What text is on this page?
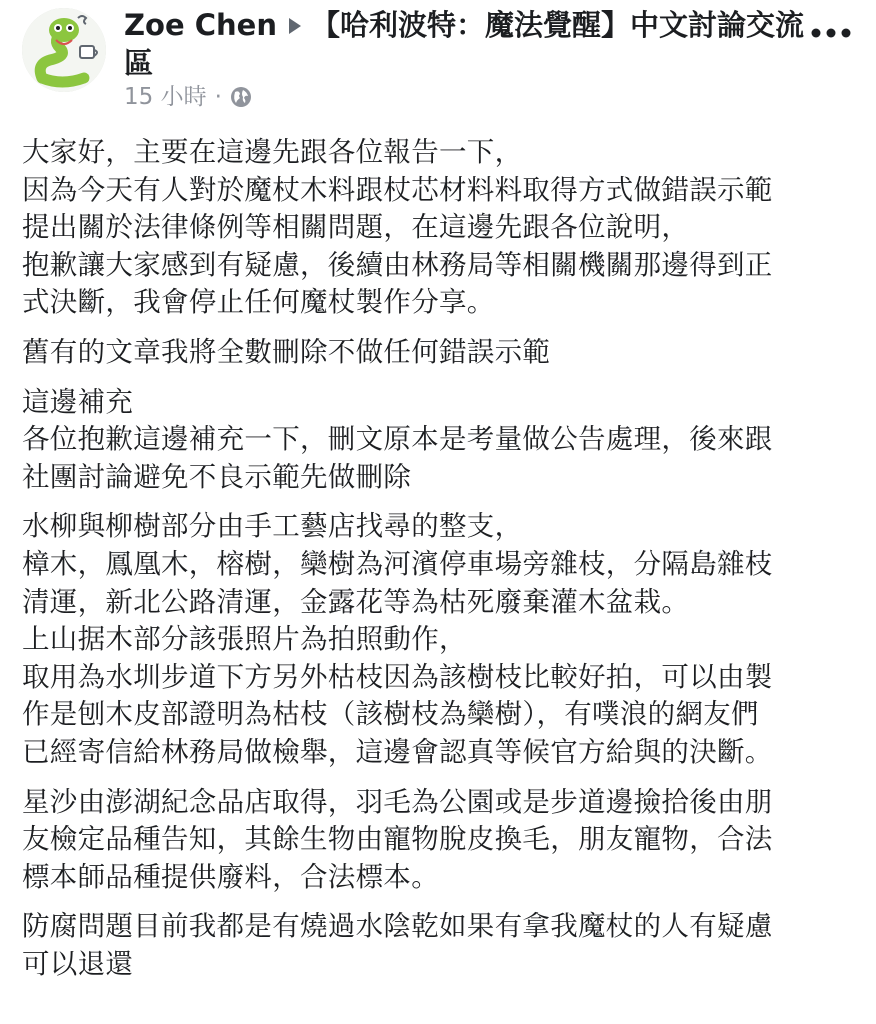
Zoe Chen 【哈利波特：魔法覺醒】中文討論交流區
15 小時 ·
大家好，主要在這邊先跟各位報告一下，
因為今天有人對於魔杖木料跟杖芯材料料取得方式做錯誤示範
提出關於法律條例等相關問題，在這邊先跟各位說明，
抱歉讓大家感到有疑慮，後續由林務局等相關機關那邊得到正
式決斷，我會停止任何魔杖製作分享。
舊有的文章我將全數刪除不做任何錯誤示範
這邊補充
各位抱歉這邊補充一下，刪文原本是考量做公告處理，後來跟
社團討論避免不良示範先做刪除
水柳與柳樹部分由手工藝店找尋的整支，
樟木，鳳凰木，榕樹，欒樹為河濱停車場旁雜枝，分隔島雜枝
清運，新北公路清運，金露花等為枯死廢棄灌木盆栽。
上山据木部分該張照片為拍照動作，
取用為水圳步道下方另外枯枝因為該樹枝比較好拍，可以由製
作是刨木皮部證明為枯枝（該樹枝為欒樹），有噗浪的網友們
已經寄信給林務局做檢舉，這邊會認真等候官方給與的決斷。
星沙由澎湖紀念品店取得，羽毛為公園或是步道邊撿拾後由朋
友檢定品種告知，其餘生物由寵物脫皮換毛，朋友寵物，合法
標本師品種提供廢料，合法標本。
防腐問題目前我都是有燒過水陰乾如果有拿我魔杖的人有疑慮
可以退還
